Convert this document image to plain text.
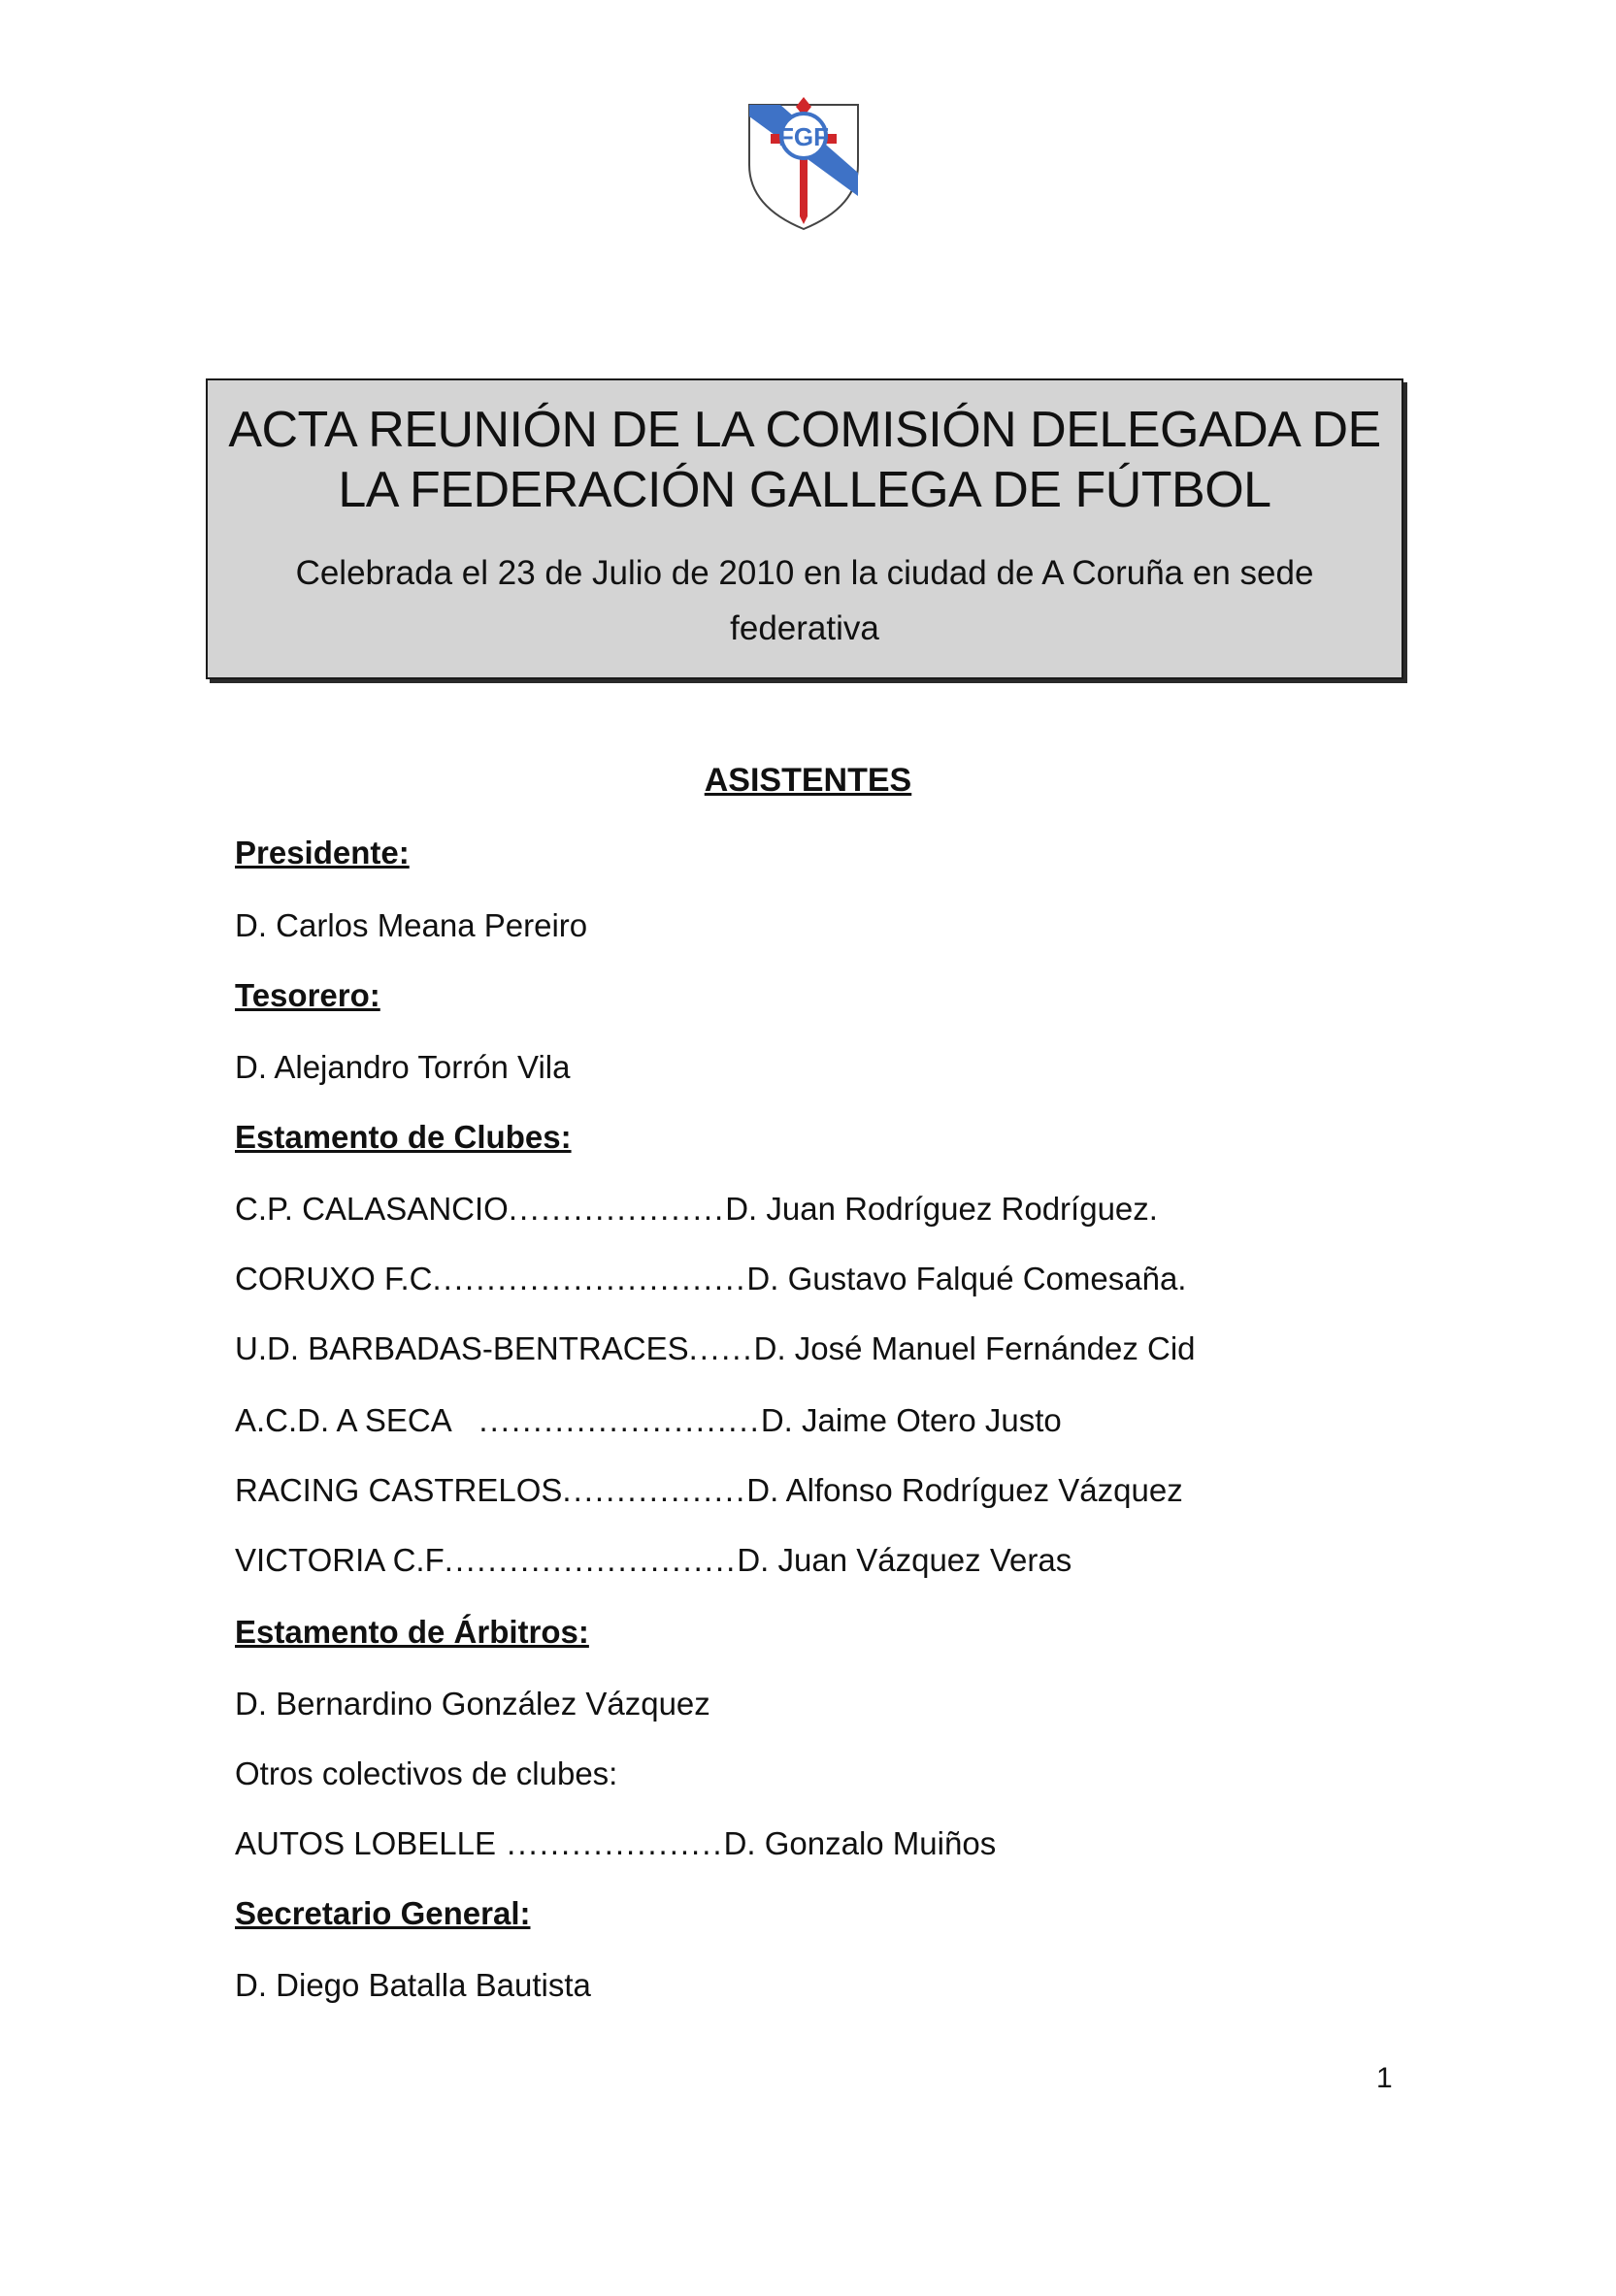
FGF
ACTA REUNIÓN DE LA COMISIÓN DELEGADA DE
LA FEDERACIÓN GALLEGA DE FÚTBOL
Celebrada el 23 de Julio de 2010 en la ciudad de A Coruña en sede
federativa
ASISTENTES
Presidente:
D. Carlos Meana Pereiro
Tesorero:
D. Alejandro Torrón Vila
Estamento de Clubes:
C.P. CALASANCIO....................D. Juan Rodríguez Rodríguez.
CORUXO F.C.............................D. Gustavo Falqué Comesaña.
U.D. BARBADAS-BENTRACES......D. José Manuel Fernández Cid
A.C.D. A SECA   ..........................D. Jaime Otero Justo
RACING CASTRELOS.................D. Alfonso Rodríguez Vázquez
VICTORIA C.F...........................D. Juan Vázquez Veras
Estamento de Árbitros:
D. Bernardino González Vázquez
Otros colectivos de clubes:
AUTOS LOBELLE ....................D. Gonzalo Muiños
Secretario General:
D. Diego Batalla Bautista
1
